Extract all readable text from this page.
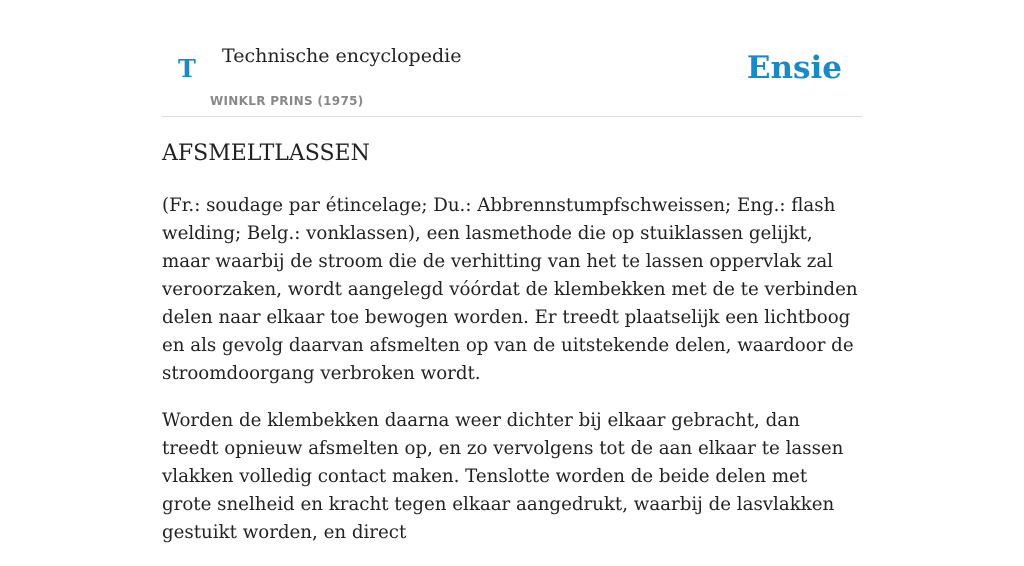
T Technische encyclopedie
WINKLR PRINS (1975)
Ensie
AFSMELTLASSEN

(Fr.: soudage par étincelage; Du.: Abbrennstumpfschweissen; Eng.: flash welding; Belg.: vonklassen), een lasmethode die op stuiklassen gelijkt, maar waarbij de stroom die de verhitting van het te lassen oppervlak zal veroorzaken, wordt aangelegd vóórdat de klembekken met de te verbinden delen naar elkaar toe bewogen worden. Er treedt plaatselijk een lichtboog en als gevolg daarvan afsmelten op van de uitstekende delen, waardoor de stroomdoorgang verbroken wordt.

Worden de klembekken daarna weer dichter bij elkaar gebracht, dan treedt opnieuw afsmelten op, en zo vervolgens tot de aan elkaar te lassen vlakken volledig contact maken. Tenslotte worden de beide delen met grote snelheid en kracht tegen elkaar aangedrukt, waarbij de lasvlakken gestuikt worden, en direct
